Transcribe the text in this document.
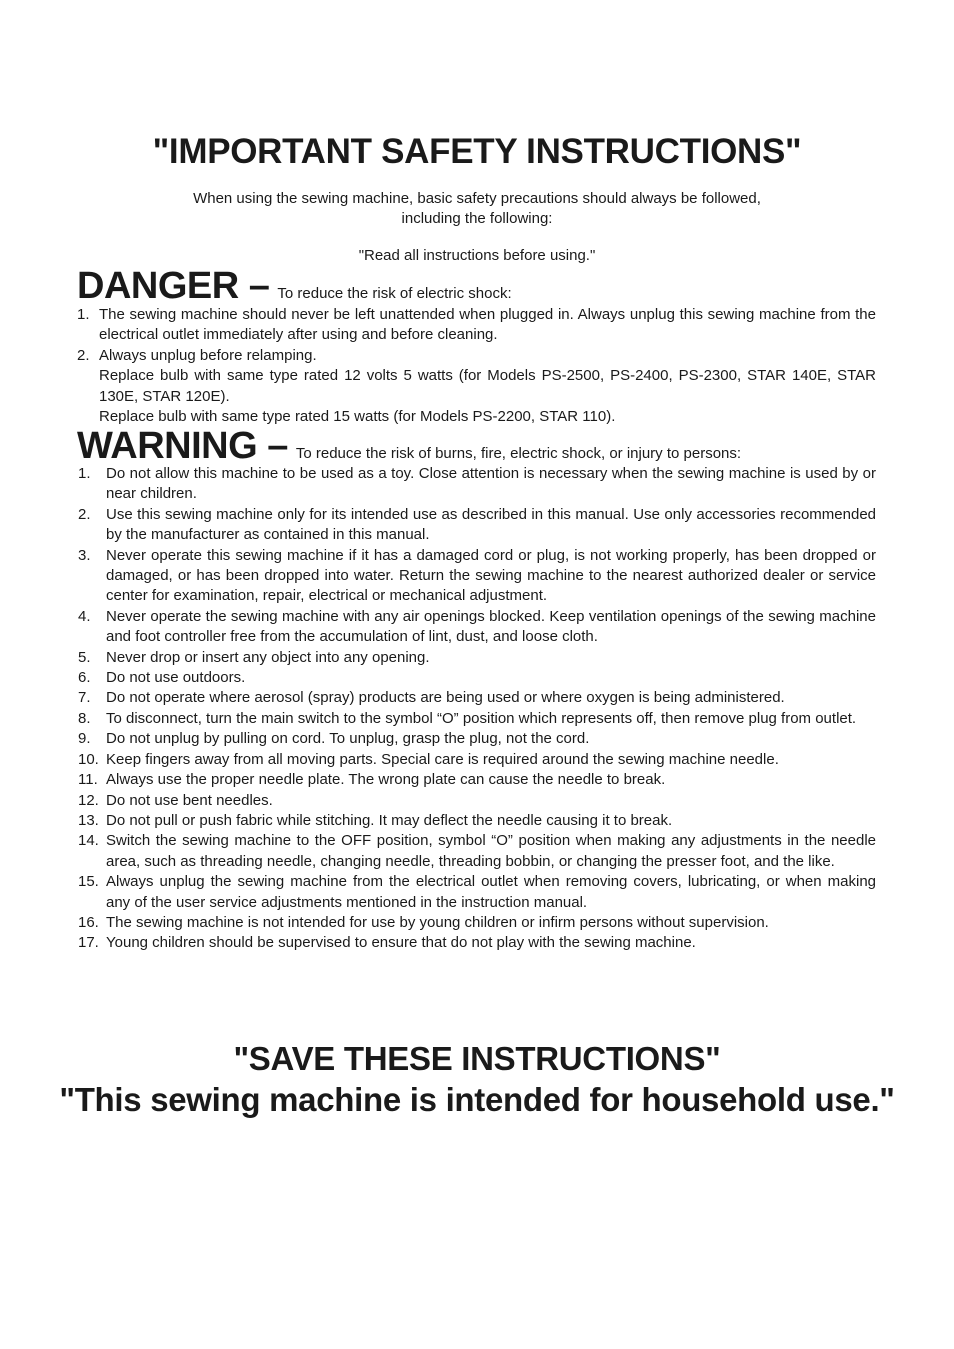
"IMPORTANT SAFETY INSTRUCTIONS"
When using the sewing machine, basic safety precautions should always be followed,
including the following:
"Read all instructions before using."
DANGER – To reduce the risk of electric shock:
1. The sewing machine should never be left unattended when plugged in. Always unplug this sewing machine from the electrical outlet immediately after using and before cleaning.
2. Always unplug before relamping.
Replace bulb with same type rated 12 volts 5 watts (for Models PS-2500, PS-2400, PS-2300, STAR 140E, STAR 130E, STAR 120E).
Replace bulb with same type rated 15 watts (for Models PS-2200, STAR 110).
WARNING – To reduce the risk of burns, fire, electric shock, or injury to persons:
1. Do not allow this machine to be used as a toy. Close attention is necessary when the sewing machine is used by or near children.
2. Use this sewing machine only for its intended use as described in this manual. Use only accessories recommended by the manufacturer as contained in this manual.
3. Never operate this sewing machine if it has a damaged cord or plug, is not working properly, has been dropped or damaged, or has been dropped into water. Return the sewing machine to the nearest authorized dealer or service center for examination, repair, electrical or mechanical adjustment.
4. Never operate the sewing machine with any air openings blocked. Keep ventilation openings of the sewing machine and foot controller free from the accumulation of lint, dust, and loose cloth.
5. Never drop or insert any object into any opening.
6. Do not use outdoors.
7. Do not operate where aerosol (spray) products are being used or where oxygen is being administered.
8. To disconnect, turn the main switch to the symbol “O” position which represents off, then remove plug from outlet.
9. Do not unplug by pulling on cord. To unplug, grasp the plug, not the cord.
10. Keep fingers away from all moving parts. Special care is required around the sewing machine needle.
11. Always use the proper needle plate. The wrong plate can cause the needle to break.
12. Do not use bent needles.
13. Do not pull or push fabric while stitching. It may deflect the needle causing it to break.
14. Switch the sewing machine to the OFF position, symbol “O” position when making any adjustments in the needle area, such as threading needle, changing needle, threading bobbin, or changing the presser foot, and the like.
15. Always unplug the sewing machine from the electrical outlet when removing covers, lubricating, or when making any of the user service adjustments mentioned in the instruction manual.
16. The sewing machine is not intended for use by young children or infirm persons without supervision.
17. Young children should be supervised to ensure that do not play with the sewing machine.
"SAVE THESE INSTRUCTIONS"
"This sewing machine is intended for household use."
